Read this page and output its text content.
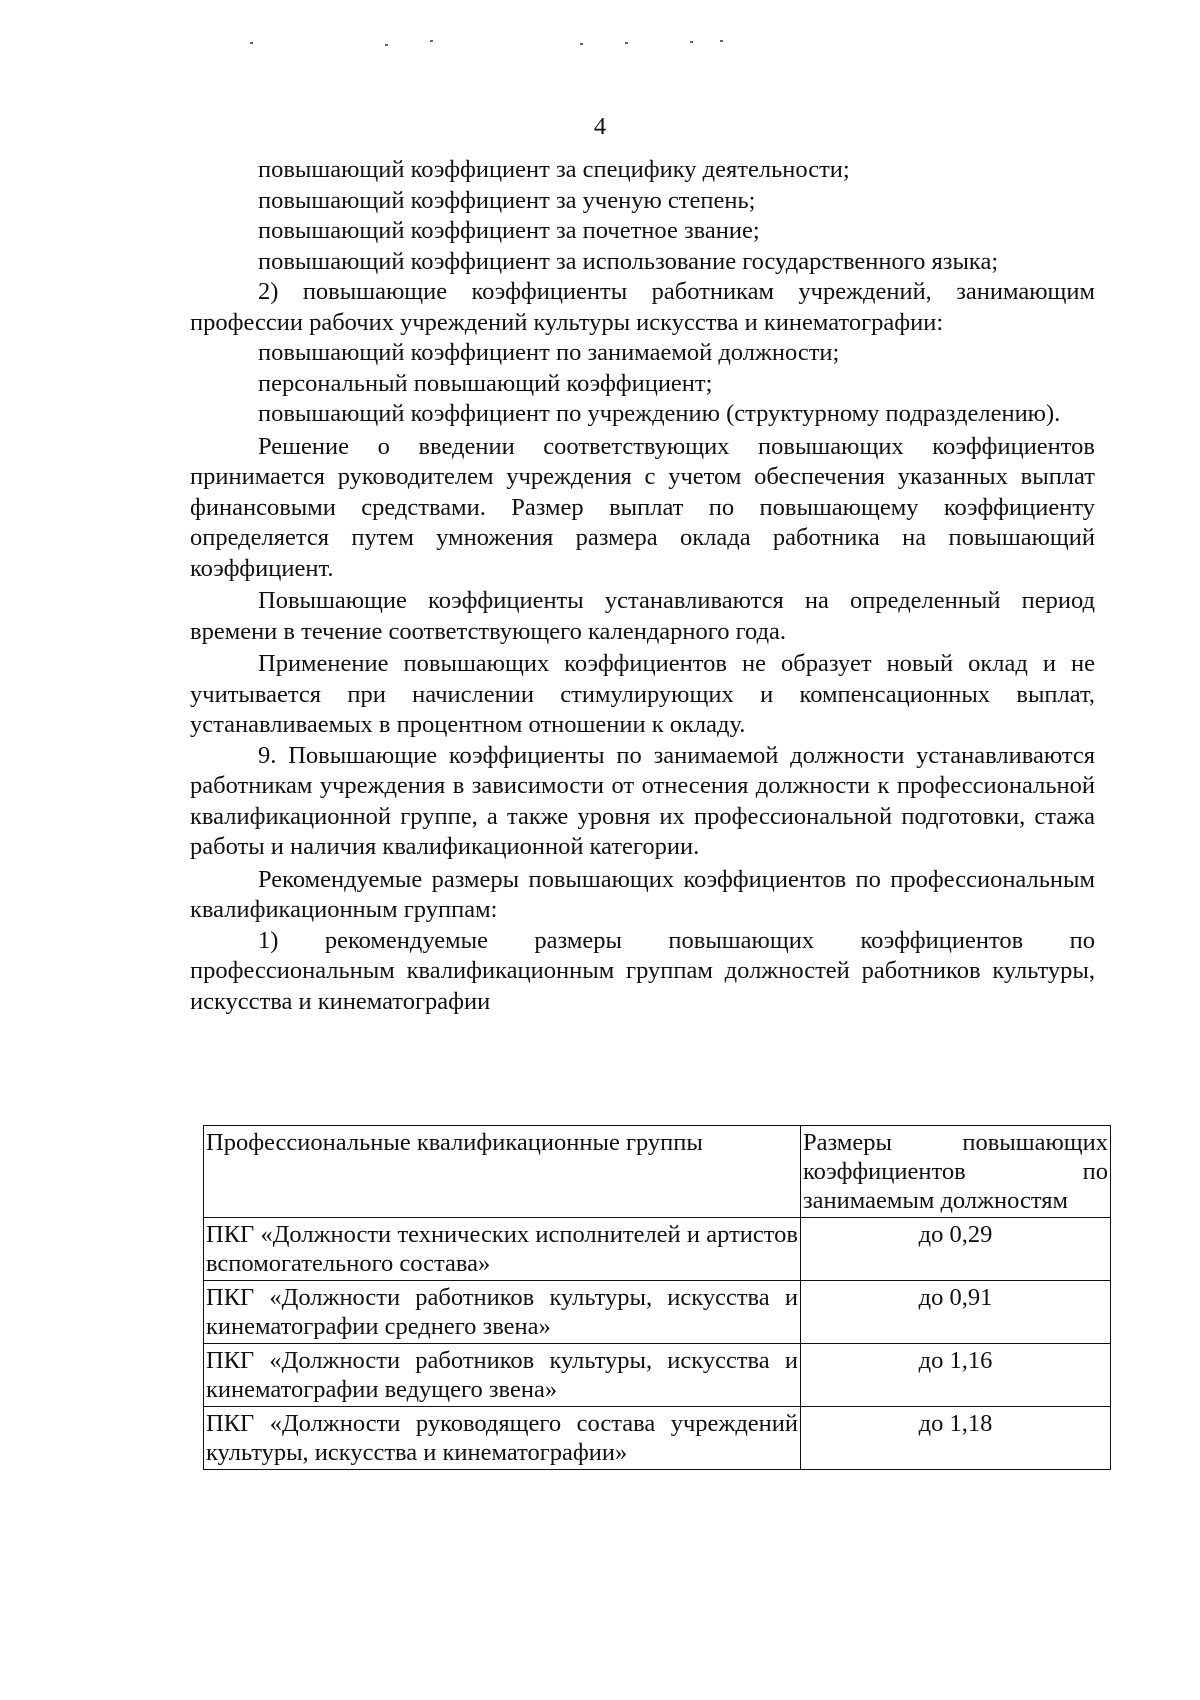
4
повышающий коэффициент за специфику деятельности;
повышающий коэффициент за ученую степень;
повышающий коэффициент за почетное звание;
повышающий коэффициент за использование государственного языка;
2) повышающие коэффициенты работникам учреждений, занимающим профессии рабочих учреждений культуры искусства и кинематографии:
повышающий коэффициент по занимаемой должности;
персональный повышающий коэффициент;
повышающий коэффициент по учреждению (структурному подразделению).
Решение о введении соответствующих повышающих коэффициентов принимается руководителем учреждения с учетом обеспечения указанных выплат финансовыми средствами. Размер выплат по повышающему коэффициенту определяется путем умножения размера оклада работника на повышающий коэффициент.
Повышающие коэффициенты устанавливаются на определенный период времени в течение соответствующего календарного года.
Применение повышающих коэффициентов не образует новый оклад и не учитывается при начислении стимулирующих и компенсационных выплат, устанавливаемых в процентном отношении к окладу.
9. Повышающие коэффициенты по занимаемой должности устанавливаются работникам учреждения в зависимости от отнесения должности к профессиональной квалификационной группе, а также уровня их профессиональной подготовки, стажа работы и наличия квалификационной категории.
Рекомендуемые размеры повышающих коэффициентов по профессиональным квалификационным группам:
1) рекомендуемые размеры повышающих коэффициентов по профессиональным квалификационным группам должностей работников культуры, искусства и кинематографии
Профессиональные квалификационные группы	Размеры повышающих коэффициентов по занимаемым должностям
ПКГ «Должности технических исполнителей и артистов вспомогательного состава»	до 0,29
ПКГ «Должности работников культуры, искусства и кинематографии среднего звена»	до 0,91
ПКГ «Должности работников культуры, искусства и кинематографии ведущего звена»	до 1,16
ПКГ «Должности руководящего состава учреждений культуры, искусства и кинематографии»	до 1,18
